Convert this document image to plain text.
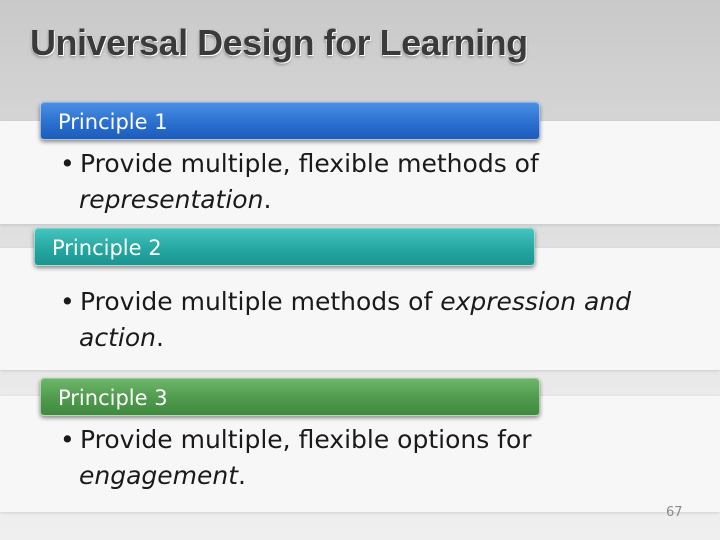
Universal Design for Learning
Principle 1
• Provide multiple, flexible methods of
representation.
Principle 2
• Provide multiple methods of expression and
action.
Principle 3
• Provide multiple, flexible options for
engagement.
67
